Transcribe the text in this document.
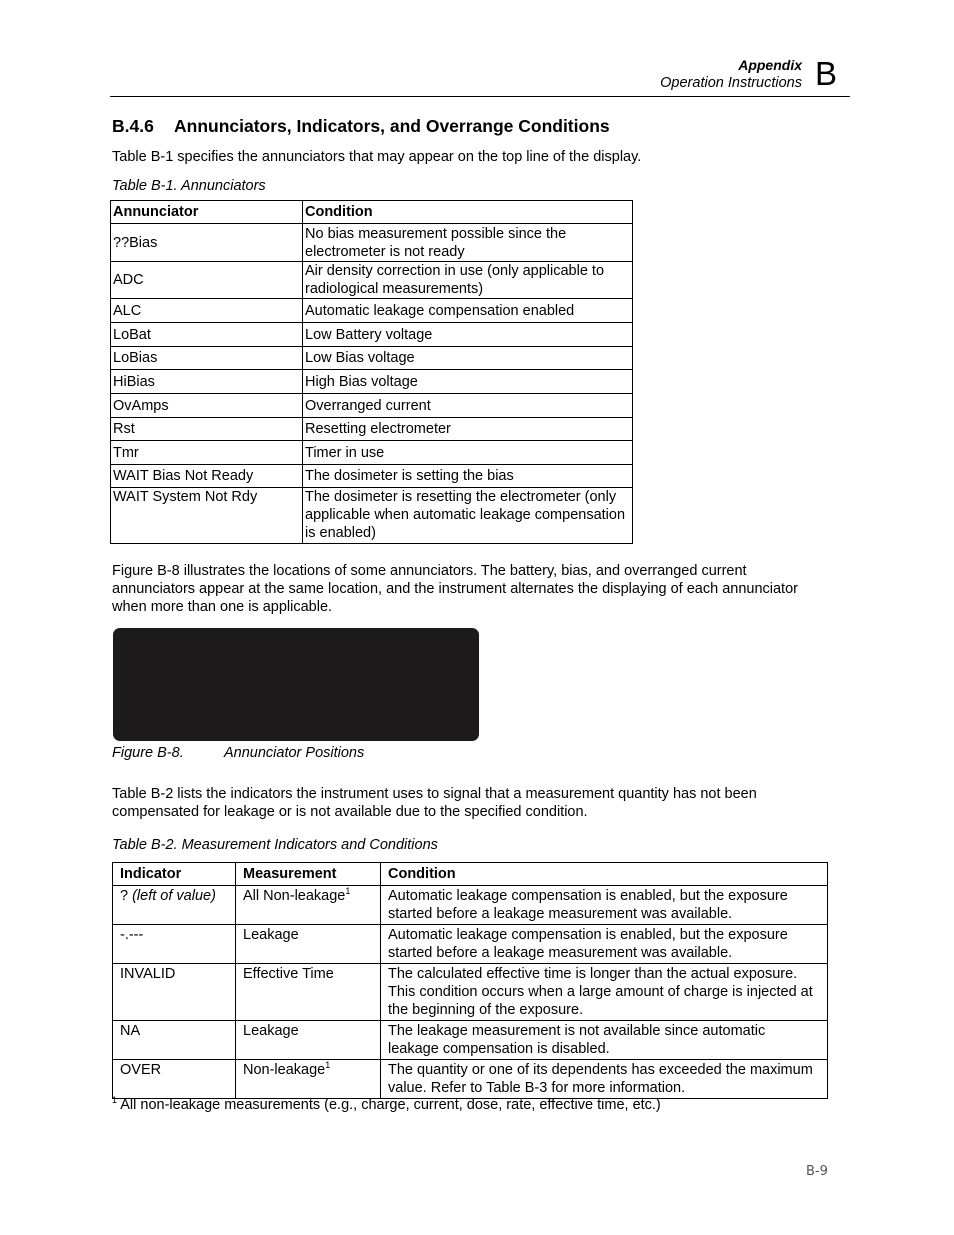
Appendix
Operation Instructions B
B.4.6 Annunciators, Indicators, and Overrange Conditions
Table B-1 specifies the annunciators that may appear on the top line of the display.
Table B-1. Annunciators
Annunciator	Condition
??Bias	No bias measurement possible since the electrometer is not ready
ADC	Air density correction in use (only applicable to radiological measurements)
ALC	Automatic leakage compensation enabled
LoBat	Low Battery voltage
LoBias	Low Bias voltage
HiBias	High Bias voltage
OvAmps	Overranged current
Rst	Resetting electrometer
Tmr	Timer in use
WAIT Bias Not Ready	The dosimeter is setting the bias
WAIT System Not Rdy	The dosimeter is resetting the electrometer (only applicable when automatic leakage compensation is enabled)
Figure B-8 illustrates the locations of some annunciators. The battery, bias, and overranged current annunciators appear at the same location, and the instrument alternates the displaying of each annunciator when more than one is applicable.
Figure B-8.	Annunciator Positions
Table B-2 lists the indicators the instrument uses to signal that a measurement quantity has not been compensated for leakage or is not available due to the specified condition.
Table B-2. Measurement Indicators and Conditions
Indicator	Measurement	Condition
? (left of value)	All Non-leakage$^1$	Automatic leakage compensation is enabled, but the exposure started before a leakage measurement was available.
-.---	Leakage	Automatic leakage compensation is enabled, but the exposure started before a leakage measurement was available.
INVALID	Effective Time	The calculated effective time is longer than the actual exposure. This condition occurs when a large amount of charge is injected at the beginning of the exposure.
NA	Leakage	The leakage measurement is not available since automatic leakage compensation is disabled.
OVER	Non-leakage$^1$	The quantity or one of its dependents has exceeded the maximum value. Refer to Table B-3 for more information.
$^1$ All non-leakage measurements (e.g., charge, current, dose, rate, effective time, etc.)
B-9
